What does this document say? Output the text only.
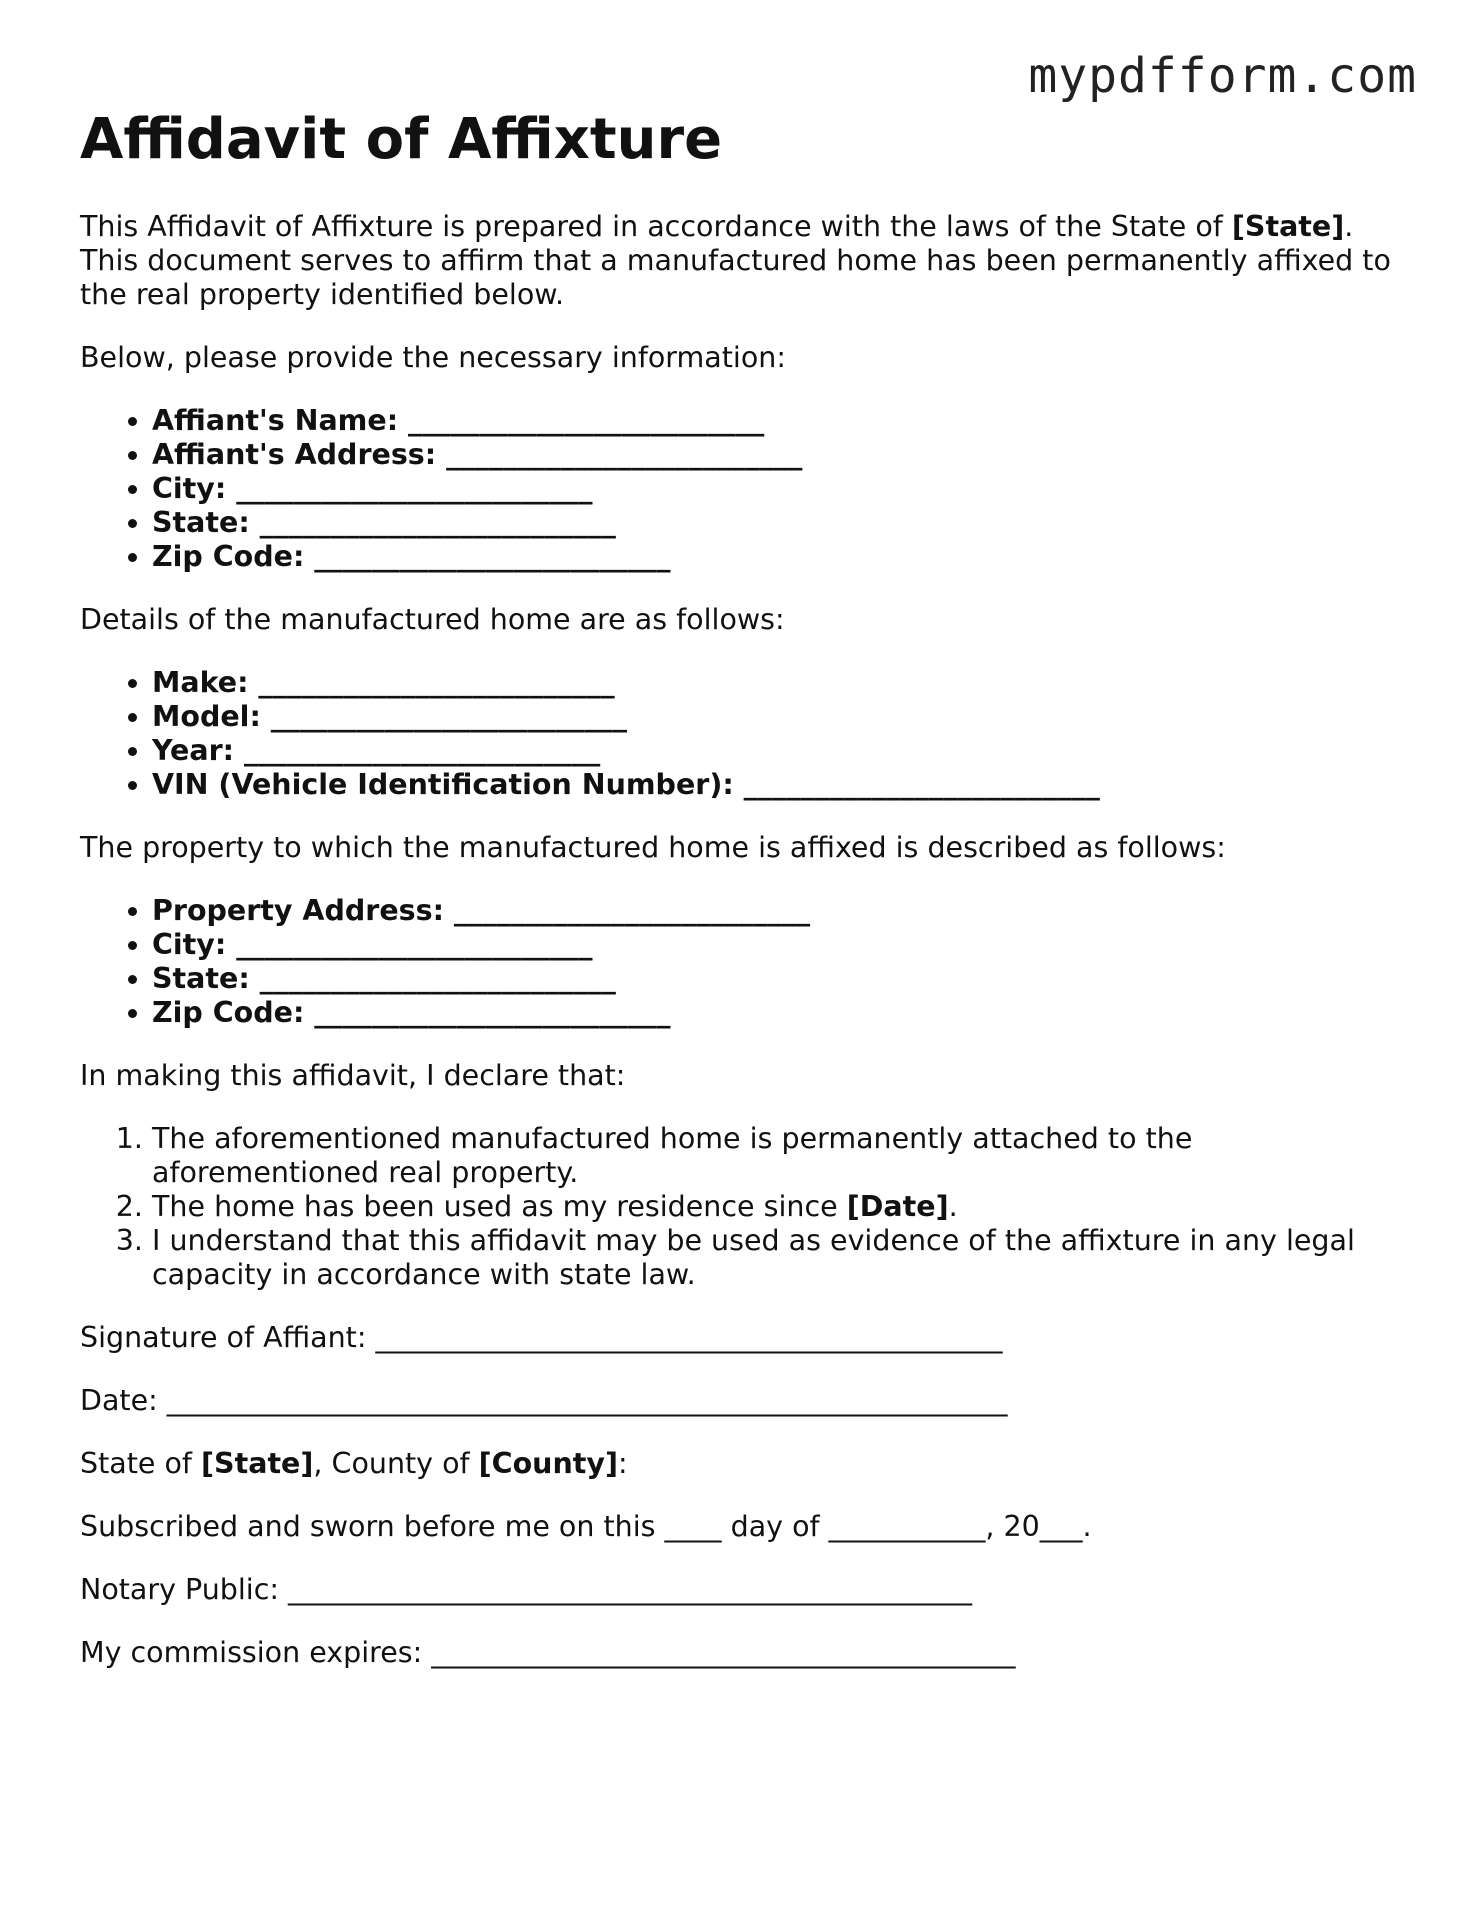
mypdfform.com
Affidavit of Affixture

This Affidavit of Affixture is prepared in accordance with the laws of the State of [State]. This document serves to affirm that a manufactured home has been permanently affixed to the real property identified below.

Below, please provide the necessary information:

• Affiant's Name: _________________________
• Affiant's Address: _________________________
• City: _________________________
• State: _________________________
• Zip Code: _________________________

Details of the manufactured home are as follows:

• Make: _________________________
• Model: _________________________
• Year: _________________________
• VIN (Vehicle Identification Number): _________________________

The property to which the manufactured home is affixed is described as follows:

• Property Address: _________________________
• City: _________________________
• State: _________________________
• Zip Code: _________________________

In making this affidavit, I declare that:

1. The aforementioned manufactured home is permanently attached to the aforementioned real property.
2. The home has been used as my residence since [Date].
3. I understand that this affidavit may be used as evidence of the affixture in any legal capacity in accordance with state law.

Signature of Affiant: ____________________________________________

Date: ___________________________________________________________

State of [State], County of [County]:

Subscribed and sworn before me on this ____ day of ___________, 20___.

Notary Public: ________________________________________________

My commission expires: _________________________________________
